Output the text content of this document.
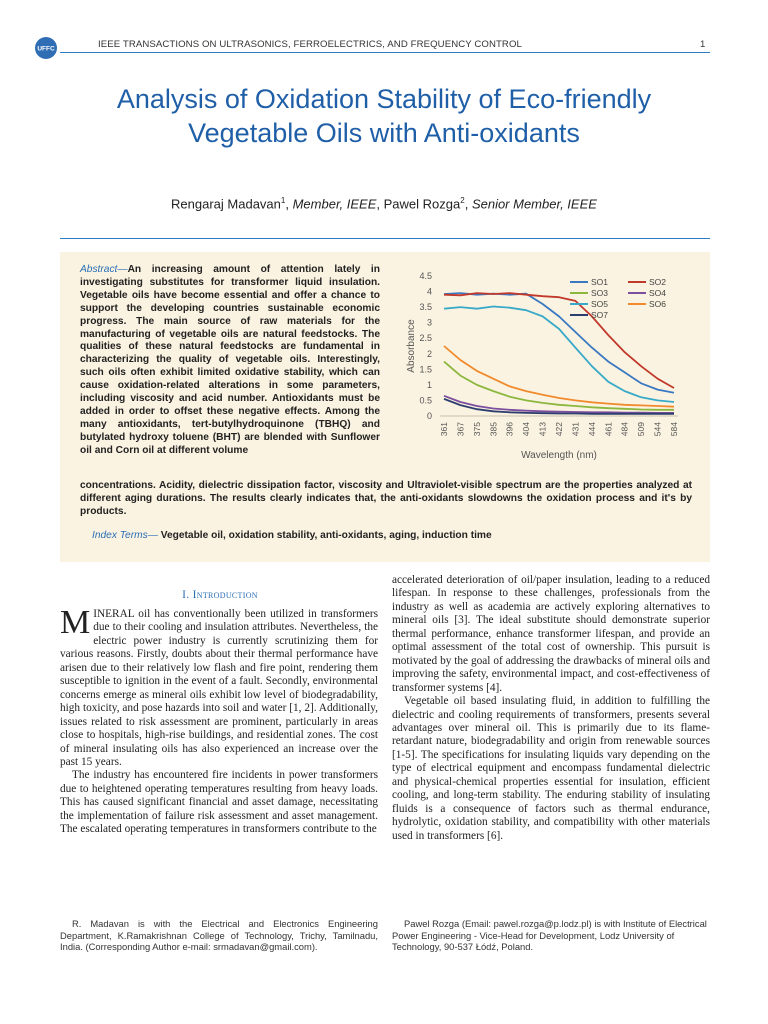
UFFC	IEEE TRANSACTIONS ON ULTRASONICS, FERROELECTRICS, AND FREQUENCY CONTROL	1
Analysis of Oxidation Stability of Eco-friendly
Vegetable Oils with Anti-oxidants
Rengaraj Madavan$^1$, Member, IEEE, Pawel Rozga$^2$, Senior Member, IEEE
Abstract—An increasing amount of attention lately in investigating substitutes for transformer liquid insulation. Vegetable oils have become essential and offer a chance to support the developing countries sustainable economic progress. The main source of raw materials for the manufacturing of vegetable oils are natural feedstocks. The qualities of these natural feedstocks are fundamental in characterizing the quality of vegetable oils. Interestingly, such oils often exhibit limited oxidative stability, which can cause oxidation-related alterations in some parameters, including viscosity and acid number. Antioxidants must be added in order to offset these negative effects. Among the many antioxidants, tert-butylhydroquinone (TBHQ) and butylated hydroxy toluene (BHT) are blended with Sunflower oil and Corn oil at different volume
concentrations. Acidity, dielectric dissipation factor, viscosity and Ultraviolet-visible spectrum are the properties analyzed at different aging durations. The results clearly indicates that, the anti-oxidants slowdowns the oxidation process and it's by products.
Index Terms— Vegetable oil, oxidation stability, anti-oxidants, aging, induction time
0
0.5
1
1.5
2
2.5
3
3.5
4
4.5
361 367 375 385 396 404 413 422 431 444 461 484 509 544 584
Wavelength (nm)
Absorbance
SO1	SO2
SO3	SO4
SO5	SO6
SO7
I. Introduction

MINERAL oil has conventionally been utilized in transformers due to their cooling and insulation attributes. Nevertheless, the electric power industry is currently scrutinizing them for various reasons. Firstly, doubts about their thermal performance have arisen due to their relatively low flash and fire point, rendering them susceptible to ignition in the event of a fault. Secondly, environmental concerns emerge as mineral oils exhibit low level of biodegradability, high toxicity, and pose hazards into soil and water [1, 2]. Additionally, issues related to risk assessment are prominent, particularly in areas close to hospitals, high-rise buildings, and residential zones. The cost of mineral insulating oils has also experienced an increase over the past 15 years.

The industry has encountered fire incidents in power transformers due to heightened operating temperatures resulting from heavy loads. This has caused significant financial and asset damage, necessitating the implementation of failure risk assessment and asset management. The escalated operating temperatures in transformers contribute to the

accelerated deterioration of oil/paper insulation, leading to a reduced lifespan. In response to these challenges, professionals from the industry as well as academia are actively exploring alternatives to mineral oils [3]. The ideal substitute should demonstrate superior thermal performance, enhance transformer lifespan, and provide an optimal assessment of the total cost of ownership. This pursuit is motivated by the goal of addressing the drawbacks of mineral oils and improving the safety, environmental impact, and cost-effectiveness of transformer systems [4].

Vegetable oil based insulating fluid, in addition to fulfilling the dielectric and cooling requirements of transformers, presents several advantages over mineral oil. This is primarily due to its flame-retardant nature, biodegradability and origin from renewable sources [1-5]. The specifications for insulating liquids vary depending on the type of electrical equipment and encompass fundamental dielectric and physical-chemical properties essential for insulation, efficient cooling, and long-term stability. The enduring stability of insulating fluids is a consequence of factors such as thermal endurance, hydrolytic, oxidation stability, and compatibility with other materials used in transformers [6].

R. Madavan is with the Electrical and Electronics Engineering Department, K.Ramakrishnan College of Technology, Trichy, Tamilnadu, India. (Corresponding Author e-mail: srmadavan@gmail.com).

Pawel Rozga (Email: pawel.rozga@p.lodz.pl) is with Institute of Electrical Power Engineering - Vice-Head for Development, Lodz University of Technology, 90-537 Łódź, Poland.
